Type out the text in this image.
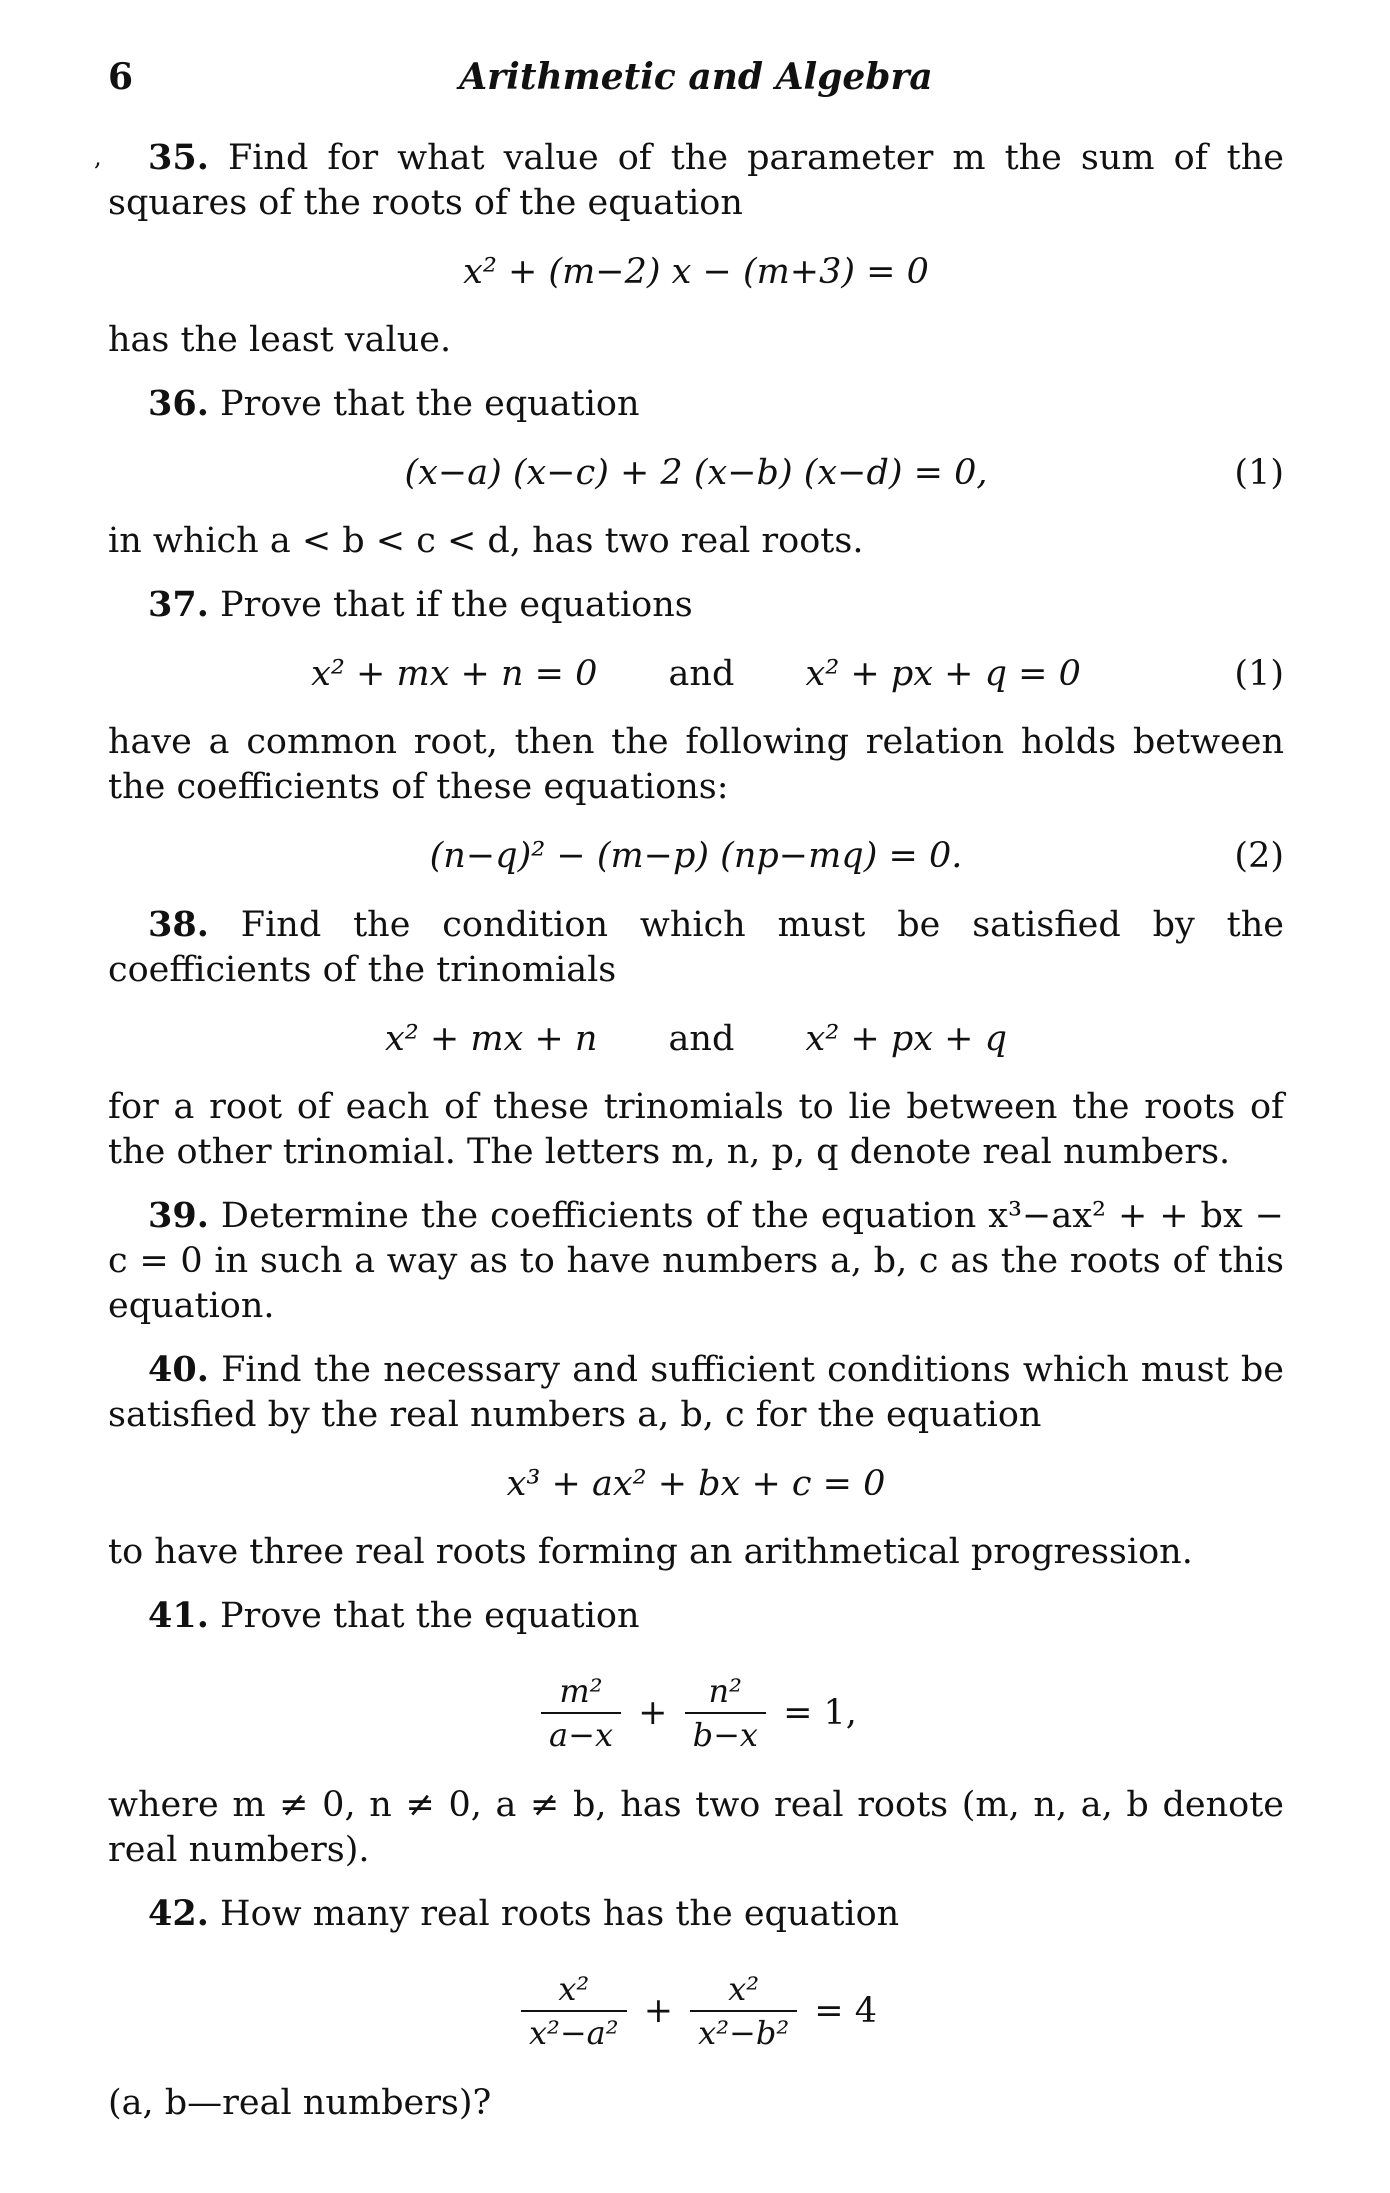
6	Arithmetic and Algebra
,	35. Find for what value of the parameter m the sum of the squares of the roots of the equation

x² + (m−2) x − (m+3) = 0

has the least value.

36. Prove that the equation

(x−a) (x−c) + 2 (x−b) (x−d) = 0,	(1)

in which a < b < c < d, has two real roots.

37. Prove that if the equations

x² + mx + n = 0 and x² + px + q = 0	(1)

have a common root, then the following relation holds between the coefficients of these equations:

(n−q)² − (m−p) (np−mq) = 0.	(2)

38. Find the condition which must be satisfied by the coefficients of the trinomials

x² + mx + n and x² + px + q

for a root of each of these trinomials to lie between the roots of the other trinomial. The letters m, n, p, q denote real numbers.

39. Determine the coefficients of the equation x³−ax² + + bx − c = 0 in such a way as to have numbers a, b, c as the roots of this equation.

40. Find the necessary and sufficient conditions which must be satisfied by the real numbers a, b, c for the equation

x³ + ax² + bx + c = 0

to have three real roots forming an arithmetical progression.

41. Prove that the equation

$\frac{\text{m²}}{a-x} + \frac{\text{n²}}{b-x} = 1$,

where m ≠ 0, n ≠ 0, a ≠ b, has two real roots (m, n, a, b denote real numbers).

42. How many real roots has the equation

$\frac{\text{x²}}{\text{x²−a²}} + \frac{\text{x²}}{\text{x²−b²}} = 4$

(a, b—real numbers)?
